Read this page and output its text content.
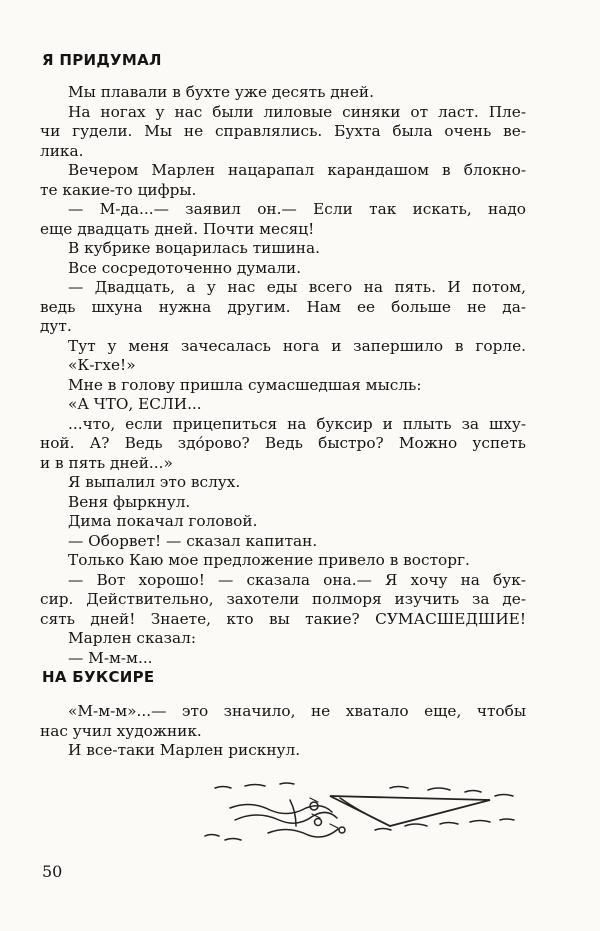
Я ПРИДУМАЛ
Мы плавали в бухте уже десять дней.
На ногах у нас были лиловые синяки от ласт. Пле-
чи гудели. Мы не справлялись. Бухта была очень ве-
лика.
Вечером Марлен нацарапал карандашом в блокно-
те какие-то цифры.
— М-да...— заявил он.— Если так искать, надо
еще двадцать дней. Почти месяц!
В кубрике воцарилась тишина.
Все сосредоточенно думали.
— Двадцать, а у нас еды всего на пять. И потом,
ведь шхуна нужна другим. Нам ее больше не да-
дут.
Тут у меня зачесалась нога и запершило в горле.
«К-гхе!»
Мне в голову пришла сумасшедшая мысль:
«А ЧТО, ЕСЛИ...
...что, если прицепиться на буксир и плыть за шху-
ной. А? Ведь здо́рово? Ведь быстро? Можно успеть
и в пять дней...»
Я выпалил это вслух.
Веня фыркнул.
Дима покачал головой.
— Оборвет! — сказал капитан.
Только Каю мое предложение привело в восторг.
— Вот хорошо! — сказала она.— Я хочу на бук-
сир. Действительно, захотели полморя изучить за де-
сять дней! Знаете, кто вы такие? СУМАСШЕДШИЕ!
Марлен сказал:
— М-м-м...
НА БУКСИРЕ
«М-м-м»...— это значило, не хватало еще, чтобы
нас учил художник.
И все-таки Марлен рискнул.
50
